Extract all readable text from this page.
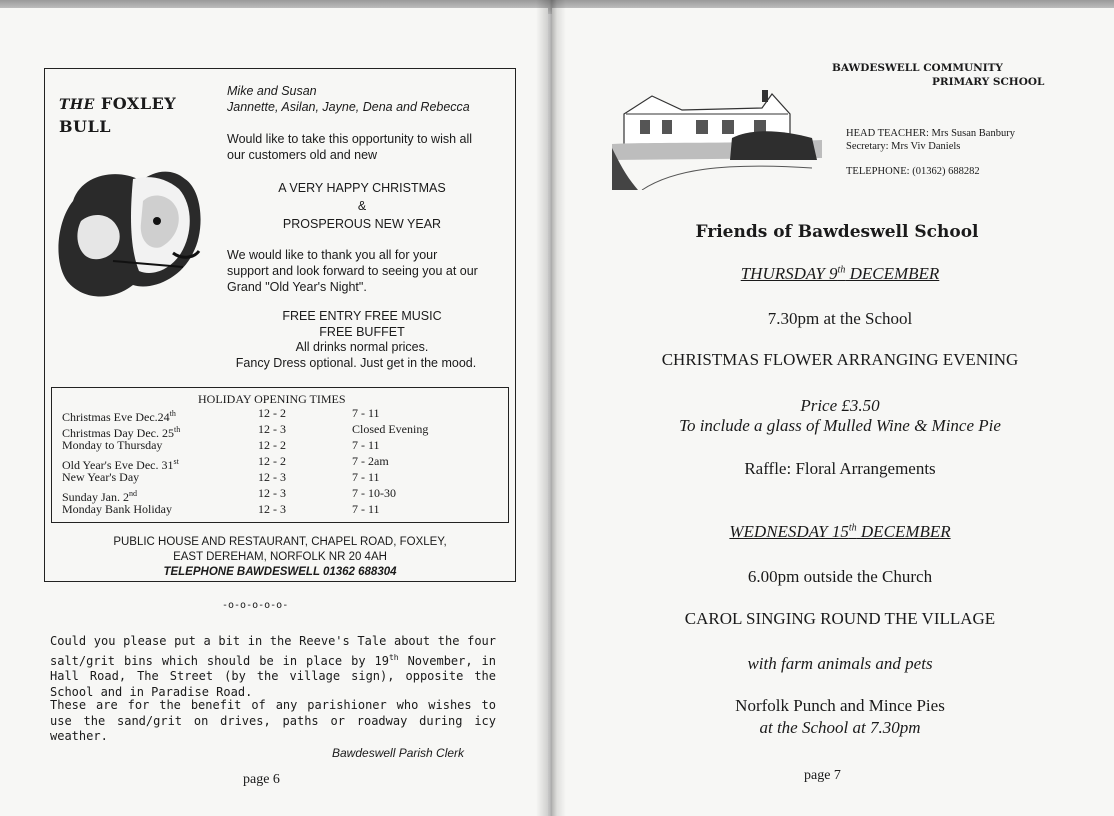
THE FOXLEY
BULL
Mike and Susan
Jannette, Asilan, Jayne, Dena and Rebecca
Would like to take this opportunity to wish all
our customers old and new
A VERY HAPPY CHRISTMAS
&
PROSPEROUS NEW YEAR
We would like to thank you all for your
support and look forward to seeing you at our
Grand "Old Year's Night".
FREE ENTRY FREE MUSIC
FREE BUFFET
All drinks normal prices.
Fancy Dress optional. Just get in the mood.
HOLIDAY OPENING TIMES
Christmas Eve Dec.24th	12 - 2	7 - 11
Christmas Day Dec. 25th	12 - 3	Closed Evening
Monday to Thursday	12 - 2	7 - 11
Old Year's Eve Dec. 31st	12 - 2	7 - 2am
New Year's Day	12 - 3	7 - 11
Sunday Jan. 2nd	12 - 3	7 - 10-30
Monday Bank Holiday	12 - 3	7 - 11
PUBLIC HOUSE AND RESTAURANT, CHAPEL ROAD, FOXLEY,
EAST DEREHAM, NORFOLK NR 20 4AH
TELEPHONE BAWDESWELL 01362 688304
-o-o-o-o-o-
Could you please put a bit in the Reeve's Tale about the four salt/grit bins which should be in place by 19th November, in Hall Road, The Street (by the village sign), opposite the School and in Paradise Road.
These are for the benefit of any parishioner who wishes to use the sand/grit on drives, paths or roadway during icy weather.
Bawdeswell Parish Clerk
page 6
BAWDESWELL COMMUNITY
PRIMARY SCHOOL
HEAD TEACHER: Mrs Susan Banbury
Secretary: Mrs Viv Daniels
TELEPHONE: (01362) 688282
Friends of Bawdeswell School
THURSDAY 9th DECEMBER
7.30pm at the School
CHRISTMAS FLOWER ARRANGING EVENING
Price £3.50
To include a glass of Mulled Wine & Mince Pie
Raffle: Floral Arrangements
WEDNESDAY 15th DECEMBER
6.00pm outside the Church
CAROL SINGING ROUND THE VILLAGE
with farm animals and pets
Norfolk Punch and Mince Pies
at the School at 7.30pm
page 7
